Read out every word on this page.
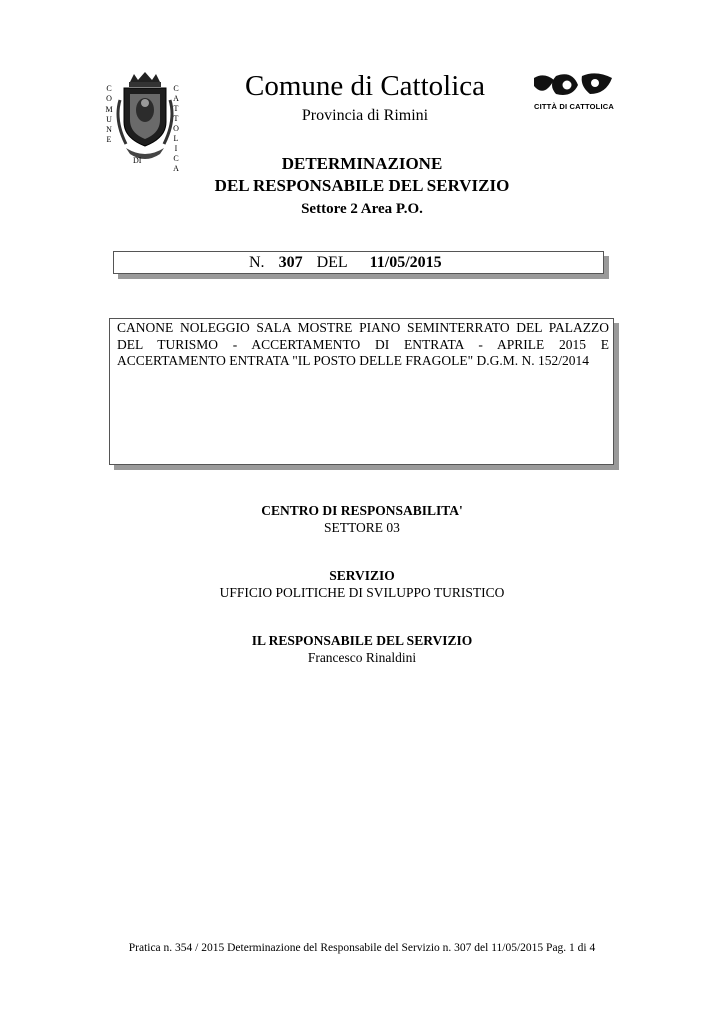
C
O
M
U
N
E
C
A
T
T
O
L
I
C
A
DI
Comune di Cattolica
Provincia di Rimini
CITTÀ DI CATTOLICA
DETERMINAZIONE
DEL RESPONSABILE DEL SERVIZIO
Settore 2 Area P.O.
N. 307 DEL 11/05/2015
CANONE NOLEGGIO SALA MOSTRE PIANO SEMINTERRATO DEL PALAZZO DEL TURISMO - ACCERTAMENTO DI ENTRATA - APRILE 2015 E ACCERTAMENTO ENTRATA "IL POSTO DELLE FRAGOLE" D.G.M. N. 152/2014
CENTRO DI RESPONSABILITA'
SETTORE 03
SERVIZIO
UFFICIO POLITICHE DI SVILUPPO TURISTICO
IL RESPONSABILE DEL SERVIZIO
Francesco Rinaldini
Pratica n. 354 / 2015 Determinazione del Responsabile del Servizio n. 307 del 11/05/2015 Pag. 1 di 4
